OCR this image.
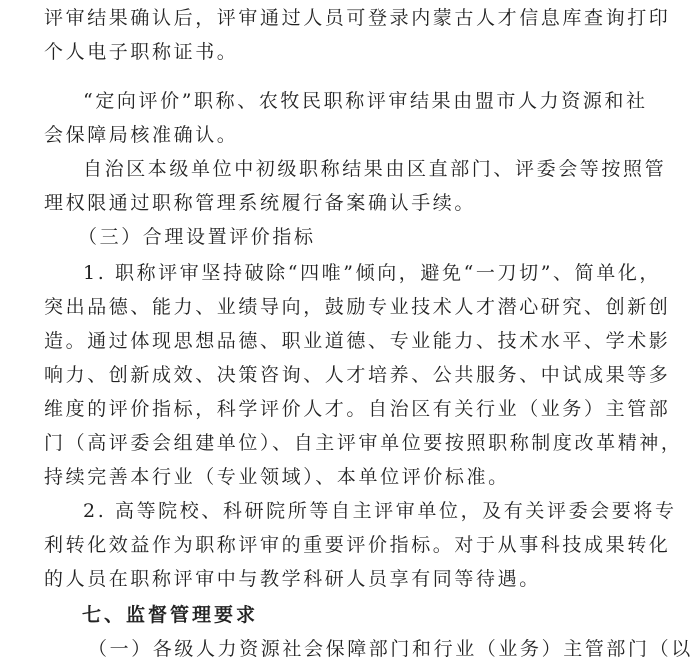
评审结果确认后，评审通过人员可登录内蒙古人才信息库查询打印
个人电子职称证书。
“定向评价”职称、农牧民职称评审结果由盟市人力资源和社
会保障局核准确认。
自治区本级单位中初级职称结果由区直部门、评委会等按照管
理权限通过职称管理系统履行备案确认手续。
（三）合理设置评价指标
1. 职称评审坚持破除“四唯”倾向，避免“一刀切”、简单化，
突出品德、能力、业绩导向，鼓励专业技术人才潜心研究、创新创
造。通过体现思想品德、职业道德、专业能力、技术水平、学术影
响力、创新成效、决策咨询、人才培养、公共服务、中试成果等多
维度的评价指标，科学评价人才。自治区有关行业（业务）主管部
门（高评委会组建单位）、自主评审单位要按照职称制度改革精神，
持续完善本行业（专业领域）、本单位评价标准。
2. 高等院校、科研院所等自主评审单位，及有关评委会要将专
利转化效益作为职称评审的重要评价指标。对于从事科技成果转化
的人员在职称评审中与教学科研人员享有同等待遇。
七、监督管理要求
（一）各级人力资源社会保障部门和行业（业务）主管部门（以
